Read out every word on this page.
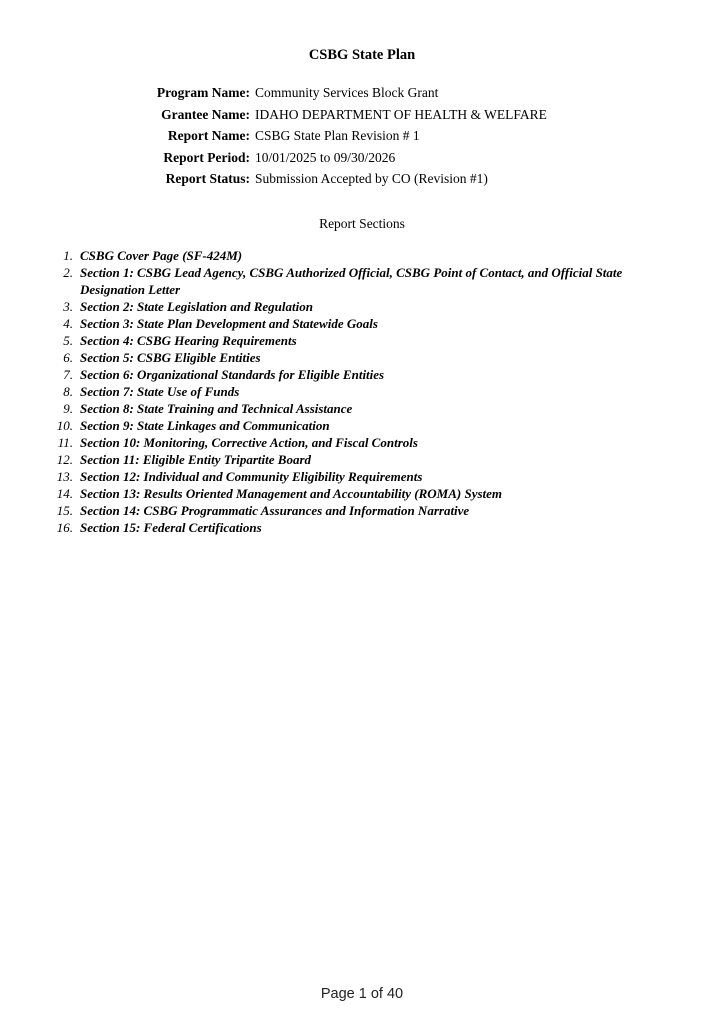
CSBG State Plan
Program Name: Community Services Block Grant
Grantee Name: IDAHO DEPARTMENT OF HEALTH & WELFARE
Report Name: CSBG State Plan Revision # 1
Report Period: 10/01/2025 to 09/30/2026
Report Status: Submission Accepted by CO (Revision #1)
Report Sections
1. CSBG Cover Page (SF-424M)
2. Section 1: CSBG Lead Agency, CSBG Authorized Official, CSBG Point of Contact, and Official State Designation Letter
3. Section 2: State Legislation and Regulation
4. Section 3: State Plan Development and Statewide Goals
5. Section 4: CSBG Hearing Requirements
6. Section 5: CSBG Eligible Entities
7. Section 6: Organizational Standards for Eligible Entities
8. Section 7: State Use of Funds
9. Section 8: State Training and Technical Assistance
10. Section 9: State Linkages and Communication
11. Section 10: Monitoring, Corrective Action, and Fiscal Controls
12. Section 11: Eligible Entity Tripartite Board
13. Section 12: Individual and Community Eligibility Requirements
14. Section 13: Results Oriented Management and Accountability (ROMA) System
15. Section 14: CSBG Programmatic Assurances and Information Narrative
16. Section 15: Federal Certifications
Page 1 of 40
